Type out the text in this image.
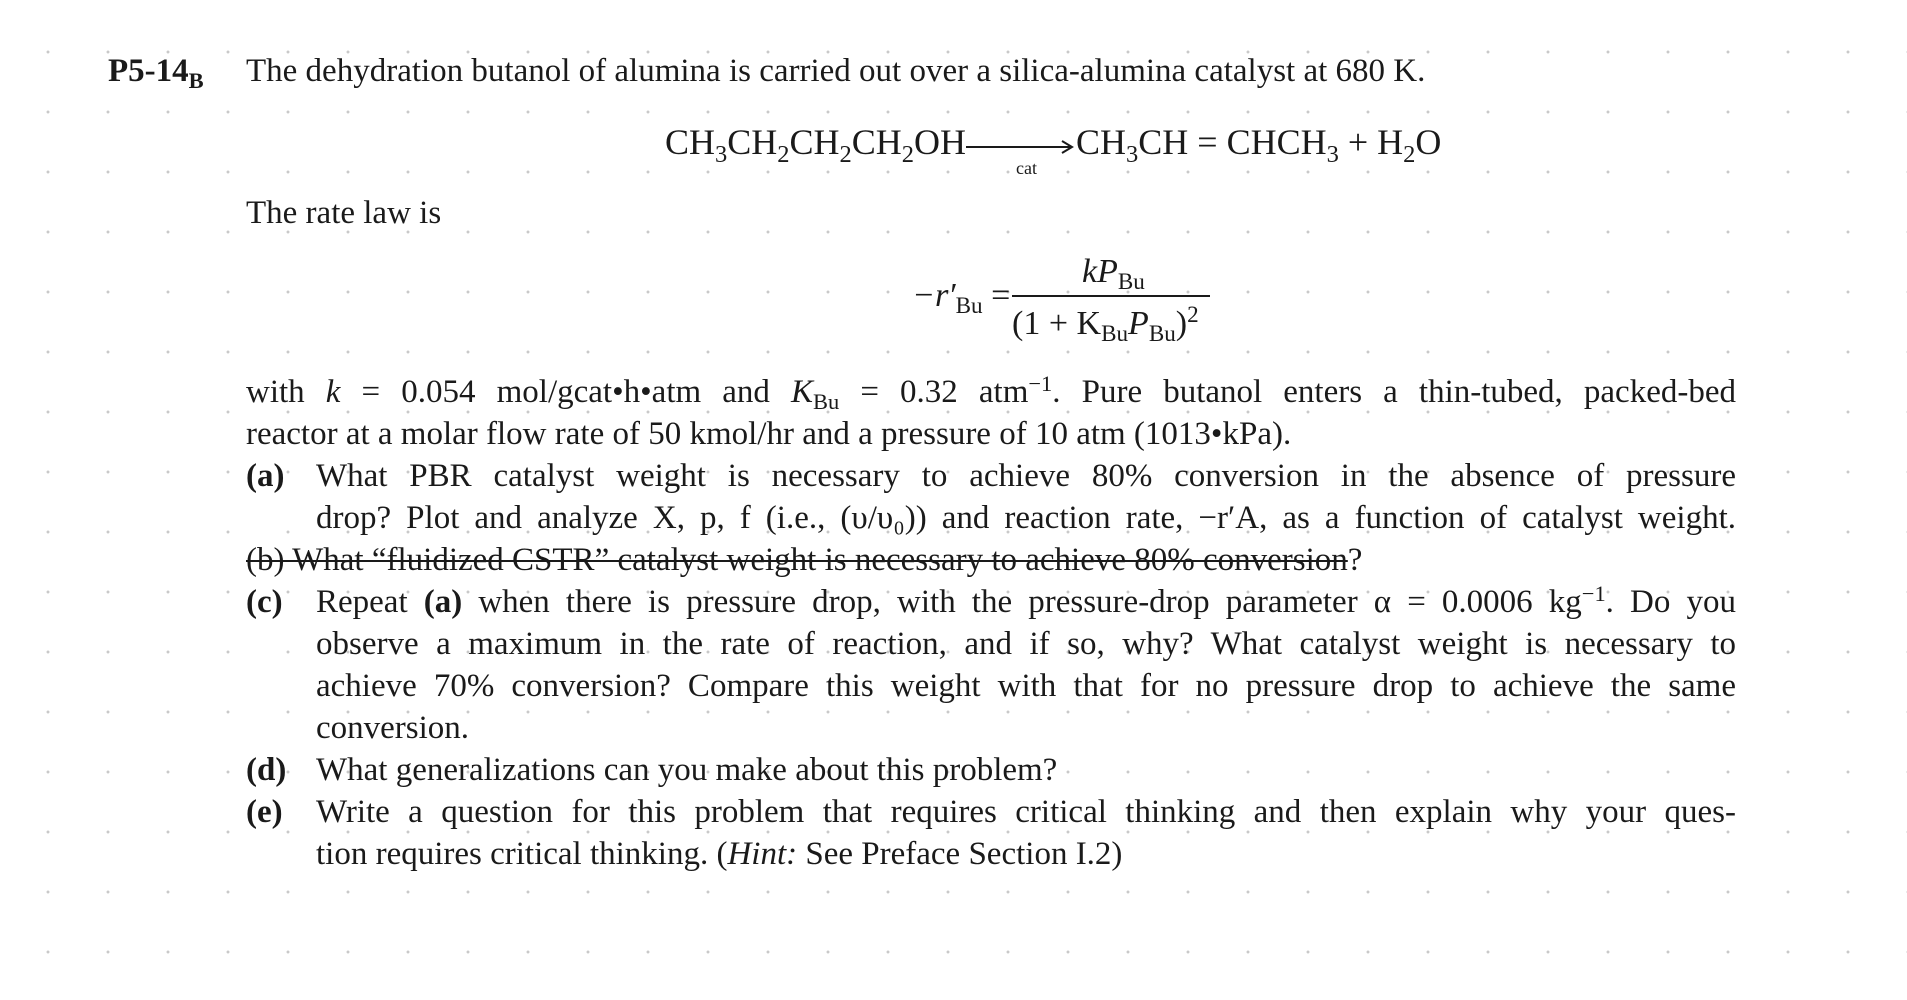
$P5-14_B$ The dehydration butanol of alumina is carried out over a silica-alumina catalyst at 680 K.
$CH_3CH_2CH_2CH_2OH$
cat
$CH_3CH$ = $CHCH_3 + H_2O$
The rate law is
$-r'_{Bu}$ =
$kP_{Bu}$
$(1 + K_{Bu}P_{Bu})^2$
with k = 0.054 mol/gcat•h•atm and $K_{Bu} = 0.32$ atm$^{-1}$. Pure butanol enters a thin-tubed, packed-bed
reactor at a molar flow rate of 50 kmol/hr and a pressure of 10 atm (1013•kPa).
(a) What PBR catalyst weight is necessary to achieve 80% conversion in the absence of pressure
drop? Plot and analyze X, p, f (i.e., (υ/υ₀)) and reaction rate, −r′A, as a function of catalyst weight.
(b) What “fluidized CSTR” catalyst weight is necessary to achieve 80% conversion?
(c) Repeat (a) when there is pressure drop, with the pressure-drop parameter α = 0.0006 $kg^{-1}$. Do you
observe a maximum in the rate of reaction, and if so, why? What catalyst weight is necessary to
achieve 70% conversion? Compare this weight with that for no pressure drop to achieve the same
conversion.
(d) What generalizations can you make about this problem?
(e) Write a question for this problem that requires critical thinking and then explain why your ques-
tion requires critical thinking. (Hint: See Preface Section I.2)
